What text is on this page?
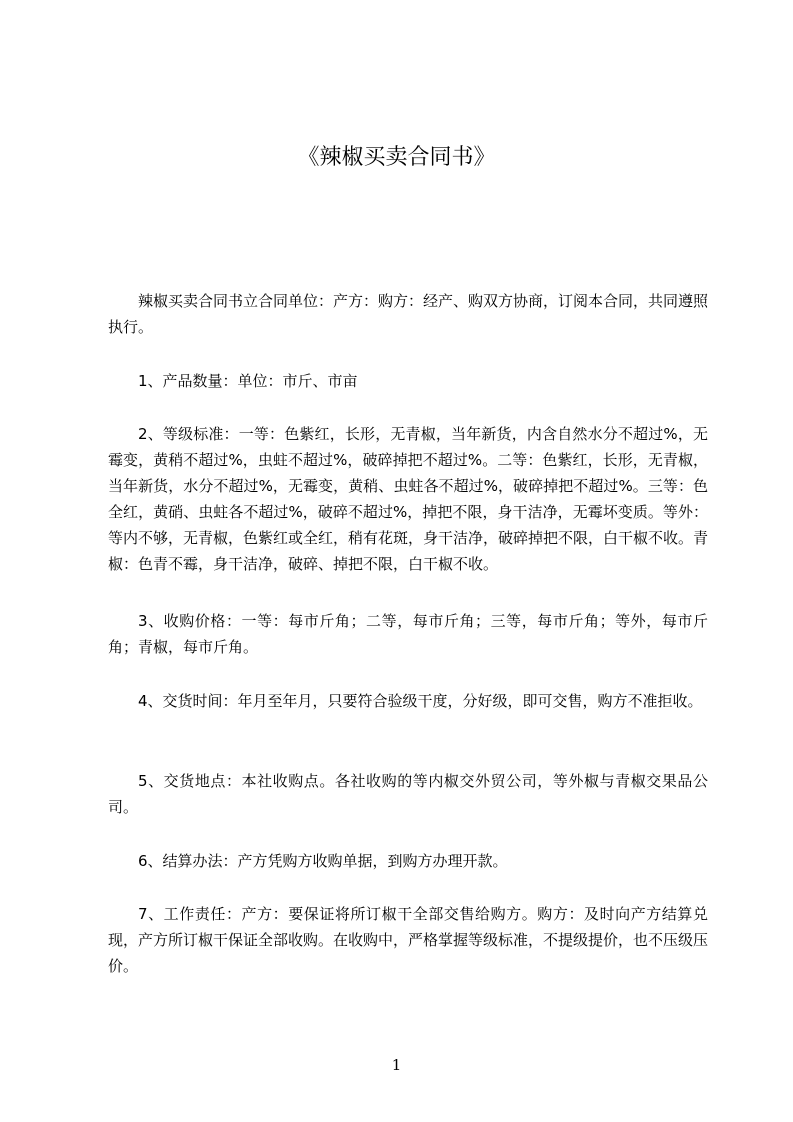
《辣椒买卖合同书》

辣椒买卖合同书立合同单位：产方：购方：经产、购双方协商，订阅本合同，共同遵照执行。

1、产品数量：单位：市斤、市亩

2、等级标准：一等：色紫红，长形，无青椒，当年新货，内含自然水分不超过%，无霉变，黄稍不超过%，虫蛀不超过%，破碎掉把不超过%。二等：色紫红，长形，无青椒，当年新货，水分不超过%，无霉变，黄稍、虫蛀各不超过%，破碎掉把不超过%。三等：色全红，黄硝、虫蛀各不超过%，破碎不超过%，掉把不限，身干洁净，无霉坏变质。等外：等内不够，无青椒，色紫红或全红，稍有花斑，身干洁净，破碎掉把不限，白干椒不收。青椒：色青不霉，身干洁净，破碎、掉把不限，白干椒不收。

3、收购价格：一等：每市斤角；二等，每市斤角；三等，每市斤角；等外，每市斤角；青椒，每市斤角。

4、交货时间：年月至年月，只要符合验级干度，分好级，即可交售，购方不准拒收。

5、交货地点：本社收购点。各社收购的等内椒交外贸公司，等外椒与青椒交果品公司。

6、结算办法：产方凭购方收购单据，到购方办理开款。

7、工作责任：产方：要保证将所订椒干全部交售给购方。购方：及时向产方结算兑现，产方所订椒干保证全部收购。在收购中，严格掌握等级标准，不提级提价，也不压级压价。

1
